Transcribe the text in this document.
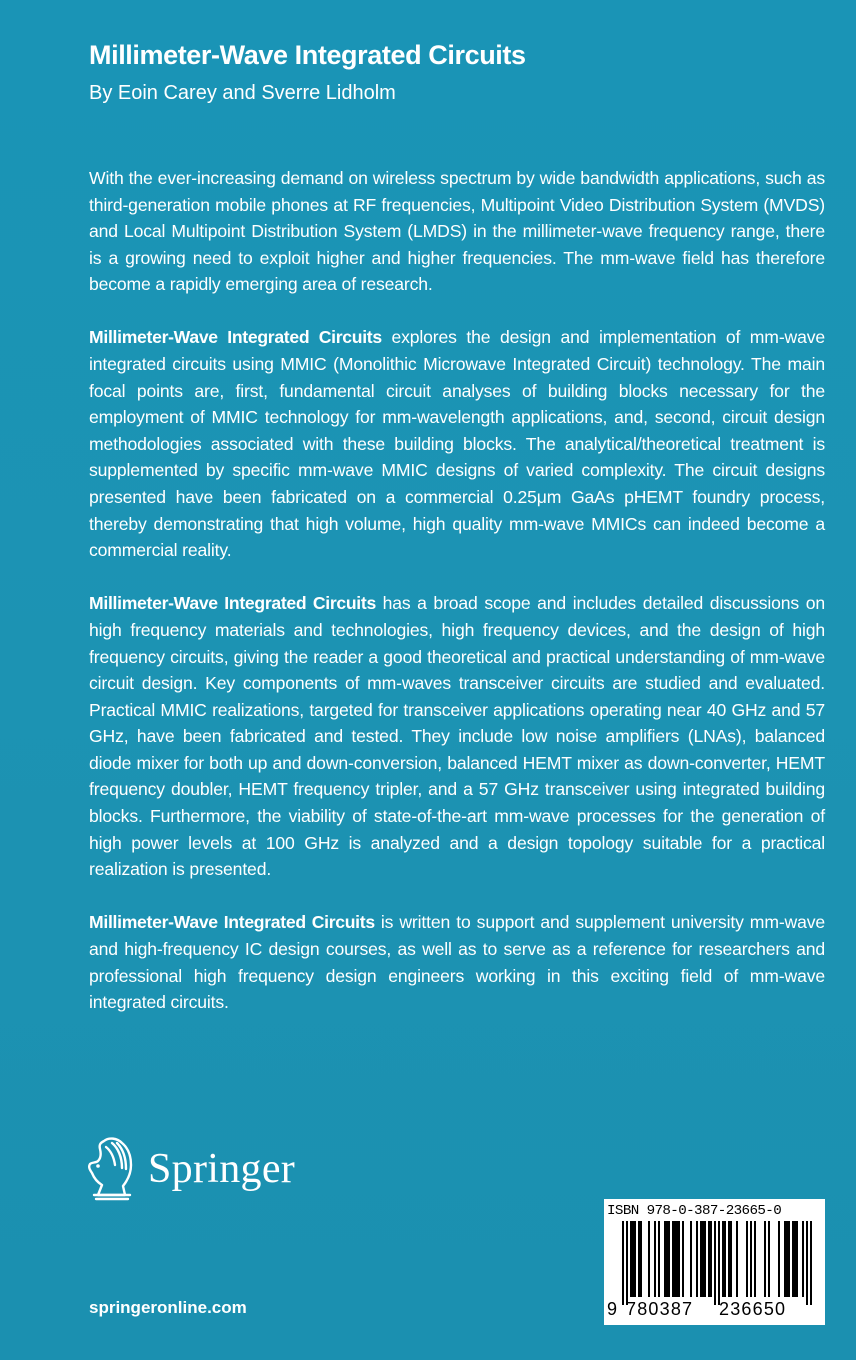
Millimeter-Wave Integrated Circuits
By Eoin Carey and Sverre Lidholm

With the ever-increasing demand on wireless spectrum by wide bandwidth applications, such as third-generation mobile phones at RF frequencies, Multipoint Video Distribution System (MVDS) and Local Multipoint Distribution System (LMDS) in the millimeter-wave frequency range, there is a growing need to exploit higher and higher frequencies. The mm-wave field has therefore become a rapidly emerging area of research.

Millimeter-Wave Integrated Circuits explores the design and implementation of mm-wave integrated circuits using MMIC (Monolithic Microwave Integrated Circuit) technology. The main focal points are, first, fundamental circuit analyses of building blocks necessary for the employment of MMIC technology for mm-wavelength applications, and, second, circuit design methodologies associated with these building blocks. The analytical/theoretical treatment is supplemented by specific mm-wave MMIC designs of varied complexity. The circuit designs presented have been fabricated on a commercial 0.25μm GaAs pHEMT foundry process, thereby demonstrating that high volume, high quality mm-wave MMICs can indeed become a commercial reality.

Millimeter-Wave Integrated Circuits has a broad scope and includes detailed discussions on high frequency materials and technologies, high frequency devices, and the design of high frequency circuits, giving the reader a good theoretical and practical understanding of mm-wave circuit design. Key components of mm-waves transceiver circuits are studied and evaluated. Practical MMIC realizations, targeted for transceiver applications operating near 40 GHz and 57 GHz, have been fabricated and tested. They include low noise amplifiers (LNAs), balanced diode mixer for both up and down-conversion, balanced HEMT mixer as down-converter, HEMT frequency doubler, HEMT frequency tripler, and a 57 GHz transceiver using integrated building blocks. Furthermore, the viability of state-of-the-art mm-wave processes for the generation of high power levels at 100 GHz is analyzed and a design topology suitable for a practical realization is presented.

Millimeter-Wave Integrated Circuits is written to support and supplement university mm-wave and high-frequency IC design courses, as well as to serve as a reference for researchers and professional high frequency design engineers working in this exciting field of mm-wave integrated circuits.

Springer
springeronline.com
ISBN 978-0-387-23665-0
9 780387 236650
